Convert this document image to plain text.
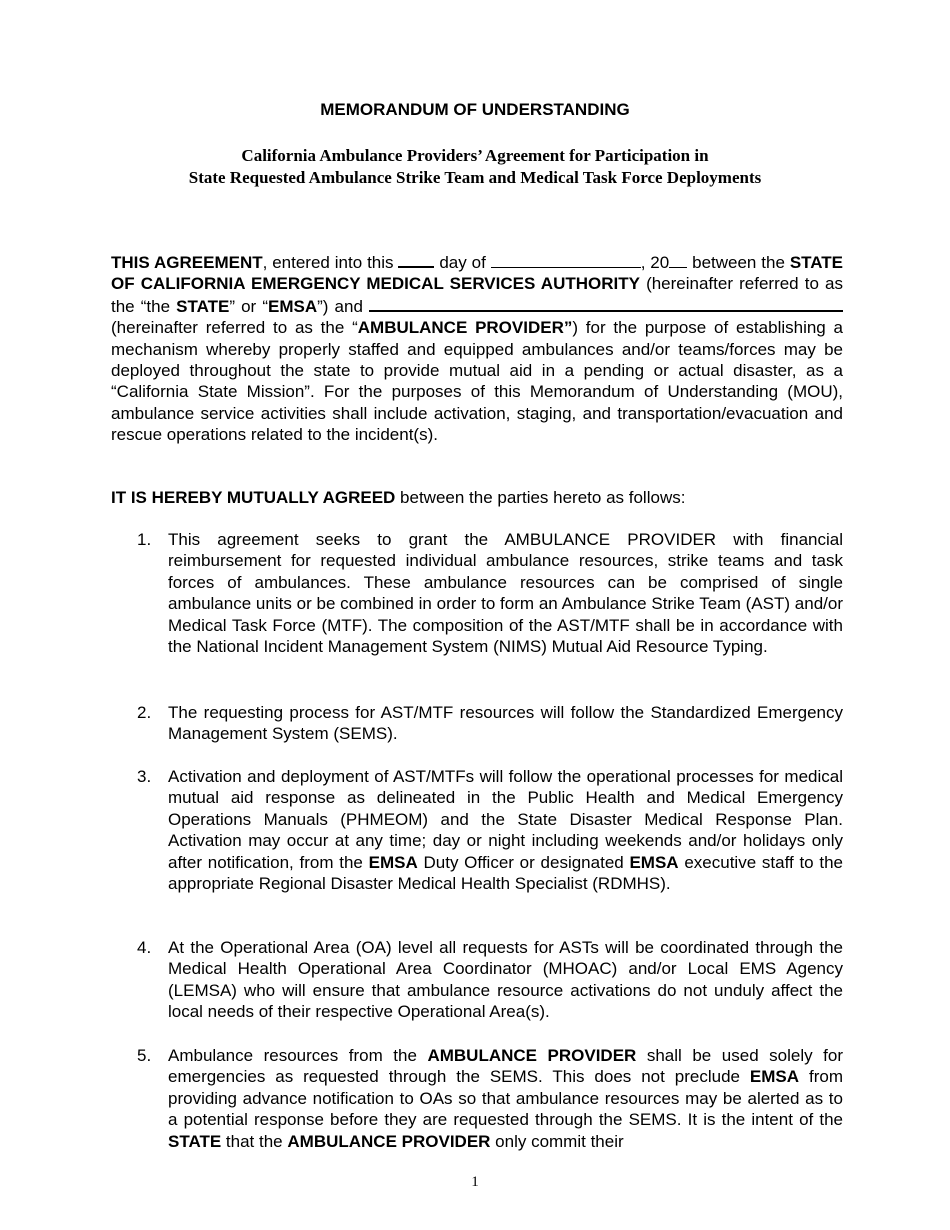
MEMORANDUM OF UNDERSTANDING
California Ambulance Providers’ Agreement for Participation in
State Requested Ambulance Strike Team and Medical Task Force Deployments
THIS AGREEMENT, entered into this  day of	, 20 between the STATE OF CALIFORNIA EMERGENCY MEDICAL SERVICES AUTHORITY (hereinafter referred to as the “the STATE” or “EMSA”) and  (hereinafter referred to as the “AMBULANCE PROVIDER”) for the purpose of establishing a mechanism whereby properly staffed and equipped ambulances and/or teams/forces may be deployed throughout the state to provide mutual aid in a pending or actual disaster, as a “California State Mission”. For the purposes of this Memorandum of Understanding (MOU), ambulance service activities shall include activation, staging, and transportation/evacuation and rescue operations related to the incident(s).
IT IS HEREBY MUTUALLY AGREED between the parties hereto as follows:
1. This agreement seeks to grant the AMBULANCE PROVIDER with financial reimbursement for requested individual ambulance resources, strike teams and task forces of ambulances. These ambulance resources can be comprised of single ambulance units or be combined in order to form an Ambulance Strike Team (AST) and/or Medical Task Force (MTF). The composition of the AST/MTF shall be in accordance with the National Incident Management System (NIMS) Mutual Aid Resource Typing.
2. The requesting process for AST/MTF resources will follow the Standardized Emergency Management System (SEMS).
3. Activation and deployment of AST/MTFs will follow the operational processes for medical mutual aid response as delineated in the Public Health and Medical Emergency Operations Manuals (PHMEOM) and the State Disaster Medical Response Plan. Activation may occur at any time; day or night including weekends and/or holidays only after notification, from the EMSA Duty Officer or designated EMSA executive staff to the appropriate Regional Disaster Medical Health Specialist (RDMHS).
4. At the Operational Area (OA) level all requests for ASTs will be coordinated through the Medical Health Operational Area Coordinator (MHOAC) and/or Local EMS Agency (LEMSA) who will ensure that ambulance resource activations do not unduly affect the local needs of their respective Operational Area(s).
5. Ambulance resources from the AMBULANCE PROVIDER shall be used solely for emergencies as requested through the SEMS. This does not preclude EMSA from providing advance notification to OAs so that ambulance resources may be alerted as to a potential response before they are requested through the SEMS. It is the intent of the STATE that the AMBULANCE PROVIDER only commit their
1
